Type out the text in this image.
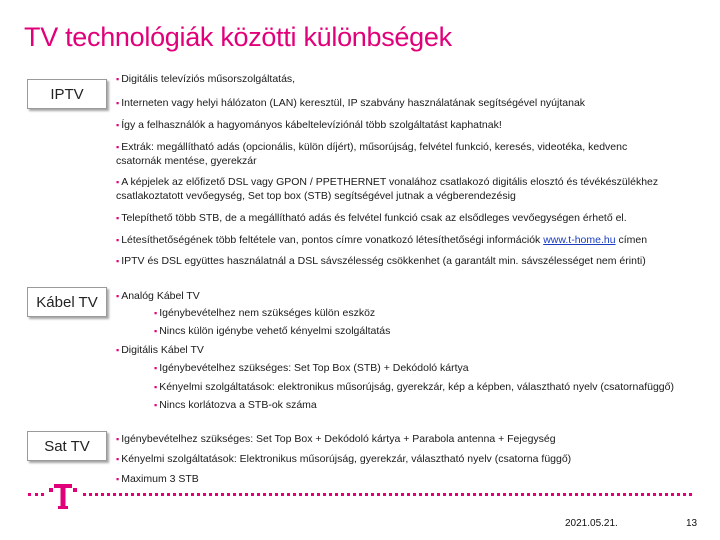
TV technológiák közötti különbségek
IPTV
▪ Digitális televíziós műsorszolgáltatás,
▪ Interneten vagy helyi hálózaton (LAN) keresztül, IP szabvány használatának segítségével nyújtanak
▪ Így a felhasználók a hagyományos kábeltelevíziónál több szolgáltatást kaphatnak!
▪ Extrák: megállítható adás (opcionális, külön díjért), műsorújság, felvétel funkció, keresés, videotéka, kedvenc
csatornák mentése, gyerekzár
▪ A képjelek az előfizető DSL vagy GPON / PPETHERNET vonalához csatlakozó digitális elosztó és tévékészülékhez
csatlakoztatott vevőegység, Set top box (STB) segítségével jutnak a végberendezésig
▪ Telepíthető több STB, de a megállítható adás és felvétel funkció csak az elsődleges vevőegységen érhető el.
▪ Létesíthetőségének több feltétele van, pontos címre vonatkozó létesíthetőségi információk www.t-home.hu címen
▪ IPTV és DSL együttes használatnál a DSL sávszélesség csökkenhet (a garantált min. sávszélességet nem érinti)
Kábel TV	▪ Analóg Kábel TV
▪ Igénybevételhez nem szükséges külön eszköz
▪ Nincs külön igénybe vehető kényelmi szolgáltatás
▪ Digitális Kábel TV
▪ Igénybevételhez szükséges: Set Top Box (STB) + Dekódoló kártya
▪ Kényelmi szolgáltatások: elektronikus műsorújság, gyerekzár, kép a képben, választható nyelv (csatornafüggő)
▪ Nincs korlátozva a STB-ok száma
Sat TV	▪ Igénybevételhez szükséges: Set Top Box + Dekódoló kártya + Parabola antenna + Fejegység
▪ Kényelmi szolgáltatások: Elektronikus műsorújság, gyerekzár, választható nyelv (csatorna függő)
▪ Maximum 3 STB
2021.05.21.	13
